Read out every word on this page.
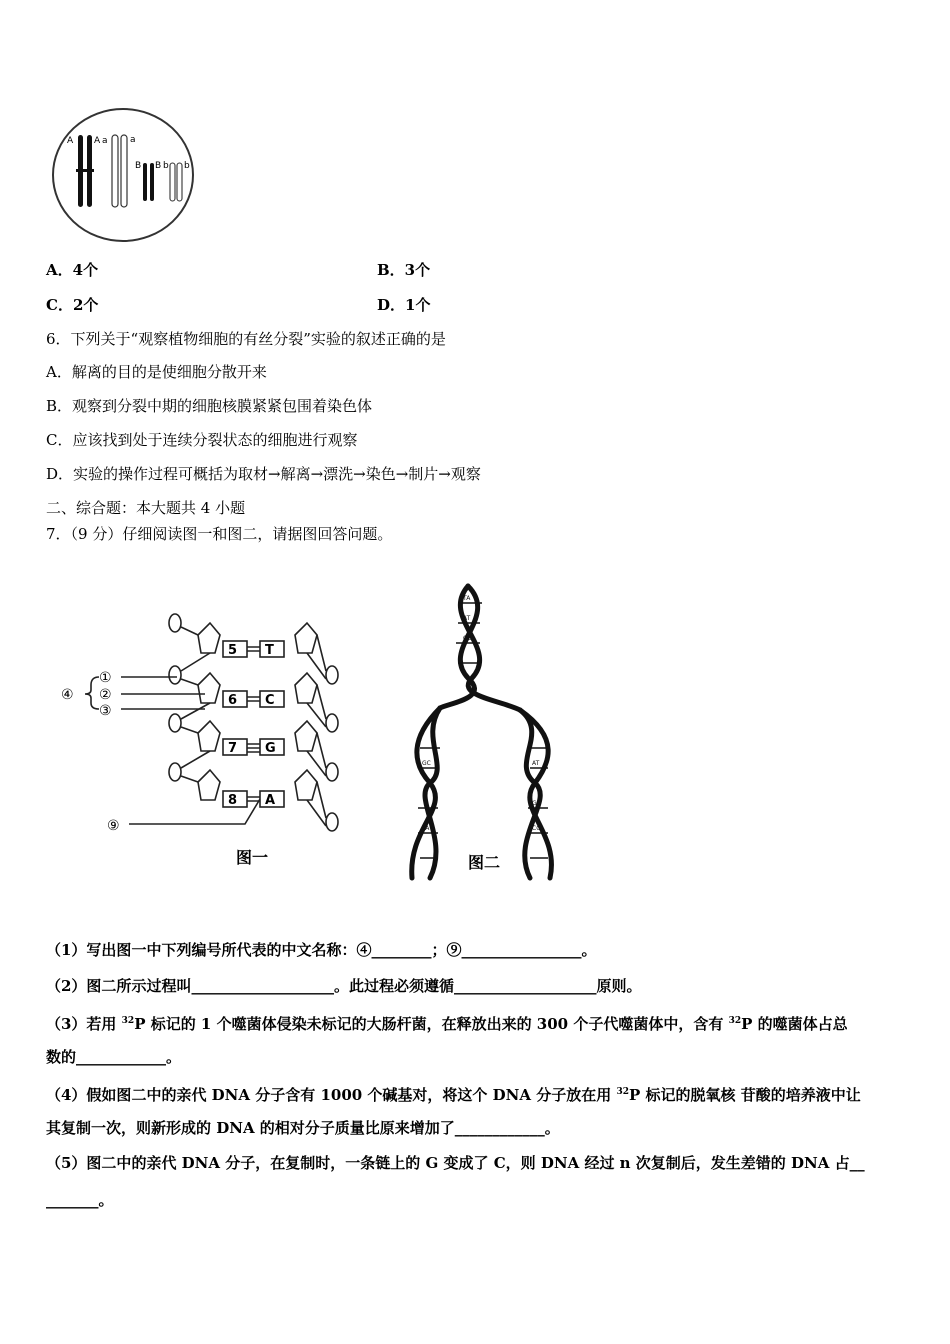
A A a a
B B b b
A．4个	B．3个
C．2个	D．1个
6．下列关于“观察植物细胞的有丝分裂”实验的叙述正确的是
A．解离的目的是使细胞分散开来
B．观察到分裂中期的细胞核膜紧紧包围着染色体
C．应该找到处于连续分裂状态的细胞进行观察
D．实验的操作过程可概括为取材→解离→漂洗→染色→制片→观察
二、综合题：本大题共 4 小题
7．（9 分）仔细阅读图一和图二，请据图回答问题。
5
6
7
8
T
C
G
A
④
①
②
③
⑨
图一
TA
AT
CG
GC
TA
AT
GC
CG
图二
（1）写出图一中下列编号所代表的中文名称：④________；⑨________________。
（2）图二所示过程叫___________________。此过程必须遵循___________________原则。
（3）若用 $^{32}$P 标记的 1 个噬菌体侵染未标记的大肠杆菌，在释放出来的 300 个子代噬菌体中，含有 $^{32}$P 的噬菌体占总
数的____________。
（4）假如图二中的亲代 DNA 分子含有 1000 个碱基对，将这个 DNA 分子放在用 $^{32}$P 标记的脱氧核 苷酸的培养液中让
其复制一次，则新形成的 DNA 的相对分子质量比原来增加了____________。
（5）图二中的亲代 DNA 分子，在复制时，一条链上的 G 变成了 C，则 DNA 经过 n 次复制后，发生差错的 DNA 占__
_______。
